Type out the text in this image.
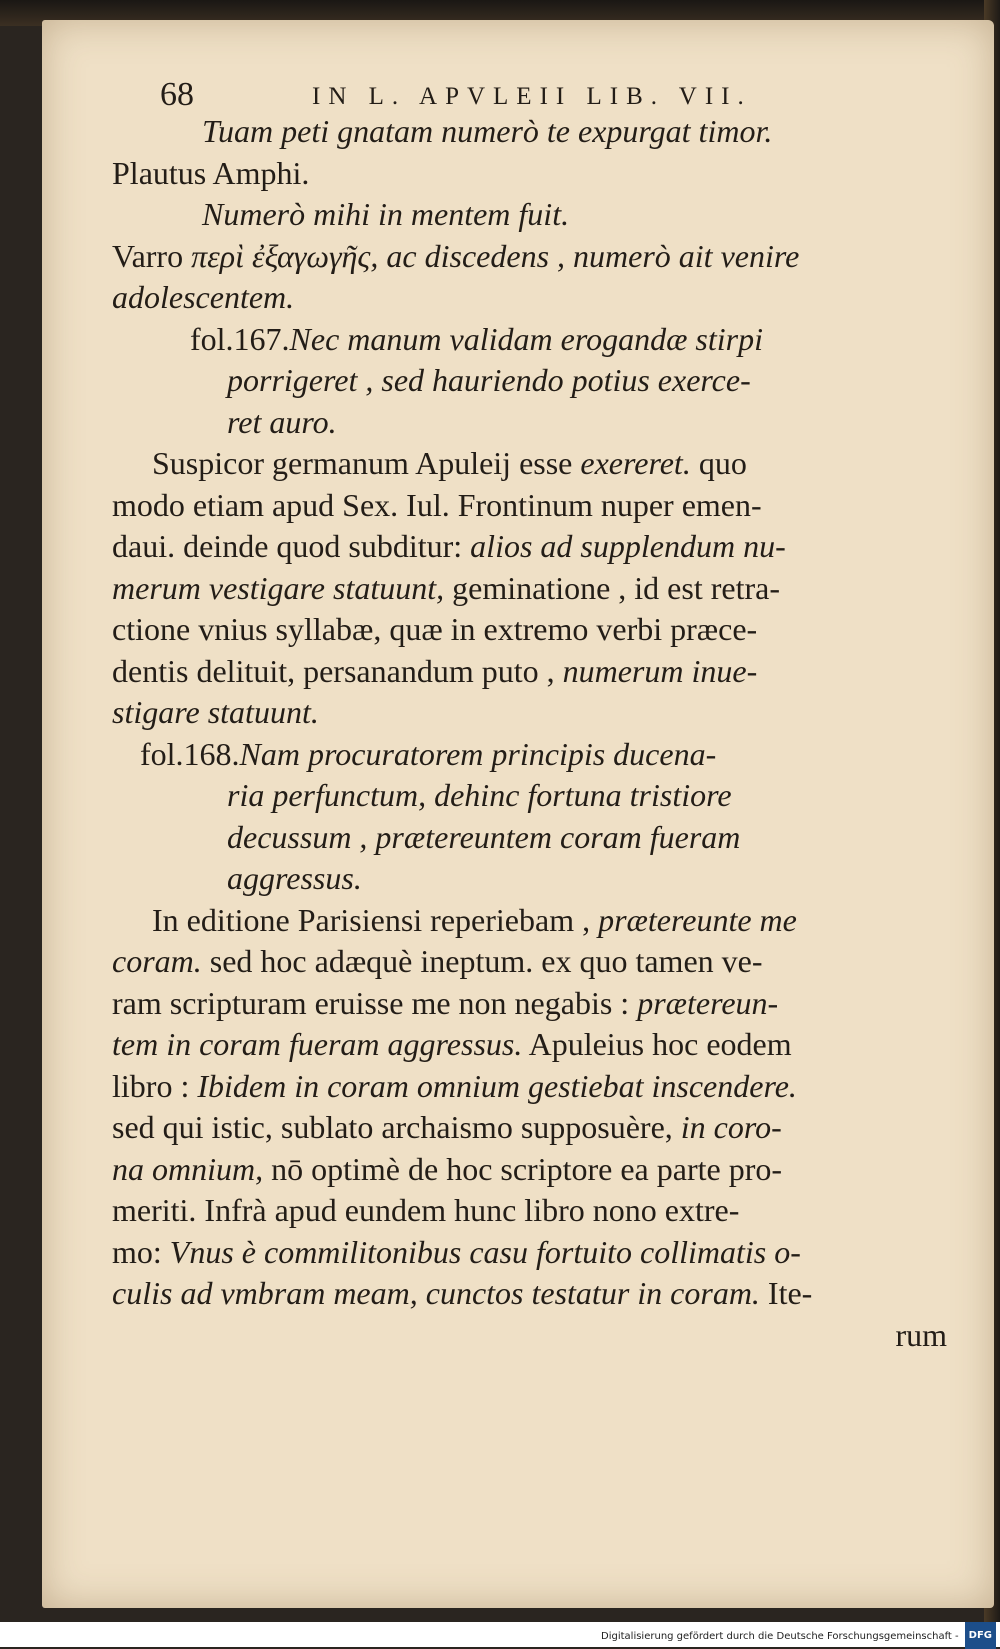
68	IN L. APVLEII LIB. VII.
Tuam peti gnatam numerò te expurgat timor.
Plautus Amphi.
Numerò mihi in mentem fuit.
Varro περὶ ἐξαγωγῆς, ac discedens , numerò ait venire
adolescentem.
fol.167.Nec manum validam erogandæ stirpi
porrigeret , sed hauriendo potius exerce-
ret auro.
Suspicor germanum Apuleij esse exereret. quo
modo etiam apud Sex. Iul. Frontinum nuper emen-
daui. deinde quod subditur: alios ad supplendum nu-
merum vestigare statuunt, geminatione , id est retra-
ctione vnius syllabæ, quæ in extremo verbi præce-
dentis delituit, persanandum puto , numerum inue-
stigare statuunt.
fol.168.Nam procuratorem principis ducena-
ria perfunctum, dehinc fortuna tristiore
decussum , prætereuntem coram fueram
aggressus.
In editione Parisiensi reperiebam , prætereunte me
coram. sed hoc adæquè ineptum. ex quo tamen ve-
ram scripturam eruisse me non negabis : prætereun-
tem in coram fueram aggressus. Apuleius hoc eodem
libro : Ibidem in coram omnium gestiebat inscendere.
sed qui istic, sublato archaismo supposuère, in coro-
na omnium, nō optimè de hoc scriptore ea parte pro-
meriti. Infrà apud eundem hunc libro nono extre-
mo: Vnus è commilitonibus casu fortuito collimatis o-
culis ad vmbram meam, cunctos testatur in coram. Ite-
rum
Digitalisierung gefördert durch die Deutsche Forschungsgemeinschaft - DFG
